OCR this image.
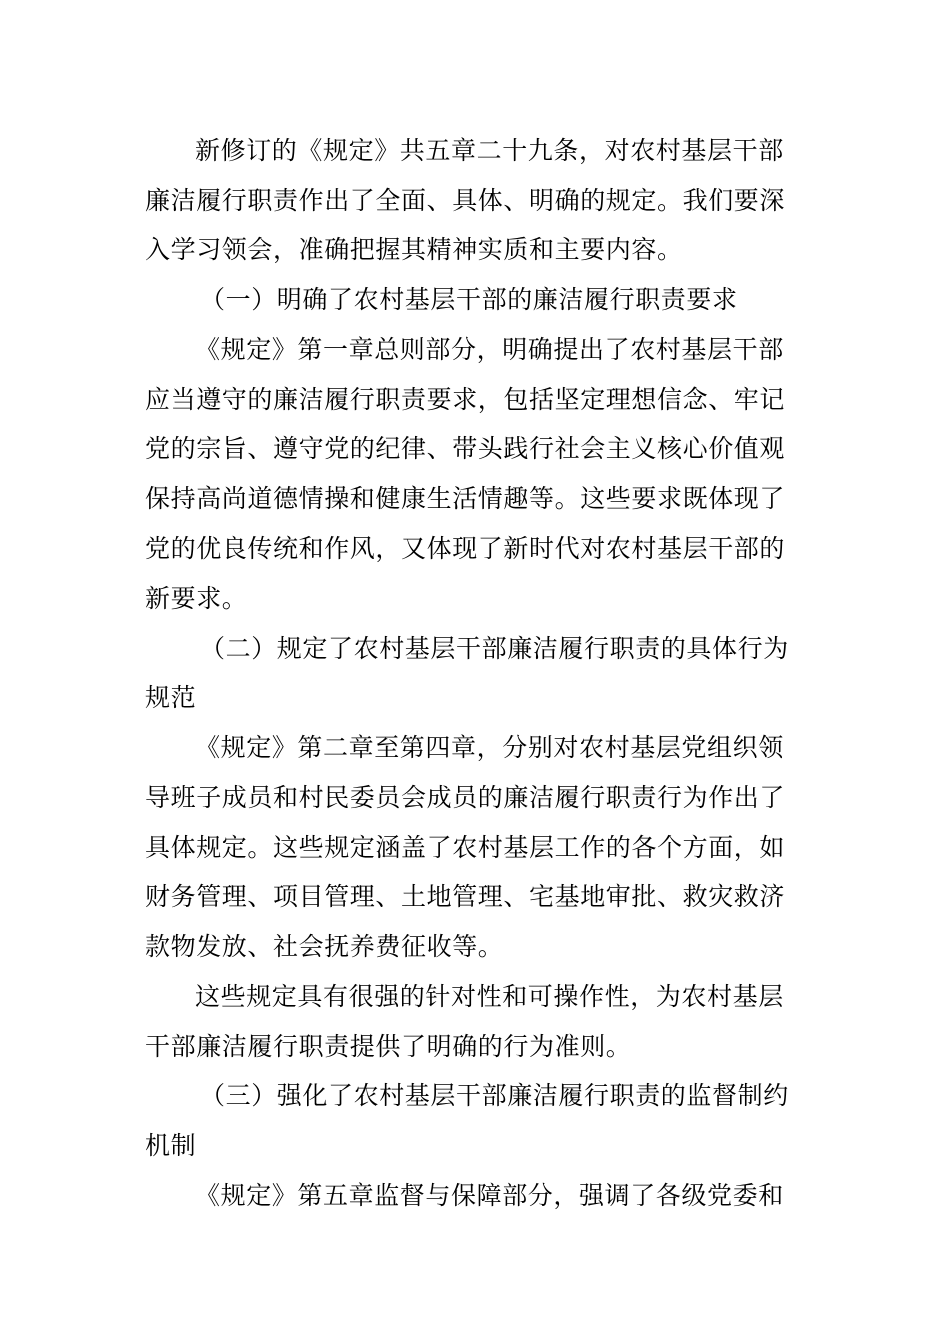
新修订的《规定》共五章二十九条，对农村基层干部
廉洁履行职责作出了全面、具体、明确的规定。我们要深
入学习领会，准确把握其精神实质和主要内容。
（一）明确了农村基层干部的廉洁履行职责要求
《规定》第一章总则部分，明确提出了农村基层干部
应当遵守的廉洁履行职责要求，包括坚定理想信念、牢记
党的宗旨、遵守党的纪律、带头践行社会主义核心价值观
保持高尚道德情操和健康生活情趣等。这些要求既体现了
党的优良传统和作风，又体现了新时代对农村基层干部的
新要求。
（二）规定了农村基层干部廉洁履行职责的具体行为
规范
《规定》第二章至第四章，分别对农村基层党组织领
导班子成员和村民委员会成员的廉洁履行职责行为作出了
具体规定。这些规定涵盖了农村基层工作的各个方面，如
财务管理、项目管理、土地管理、宅基地审批、救灾救济
款物发放、社会抚养费征收等。
这些规定具有很强的针对性和可操作性，为农村基层
干部廉洁履行职责提供了明确的行为准则。
（三）强化了农村基层干部廉洁履行职责的监督制约
机制
《规定》第五章监督与保障部分，强调了各级党委和
